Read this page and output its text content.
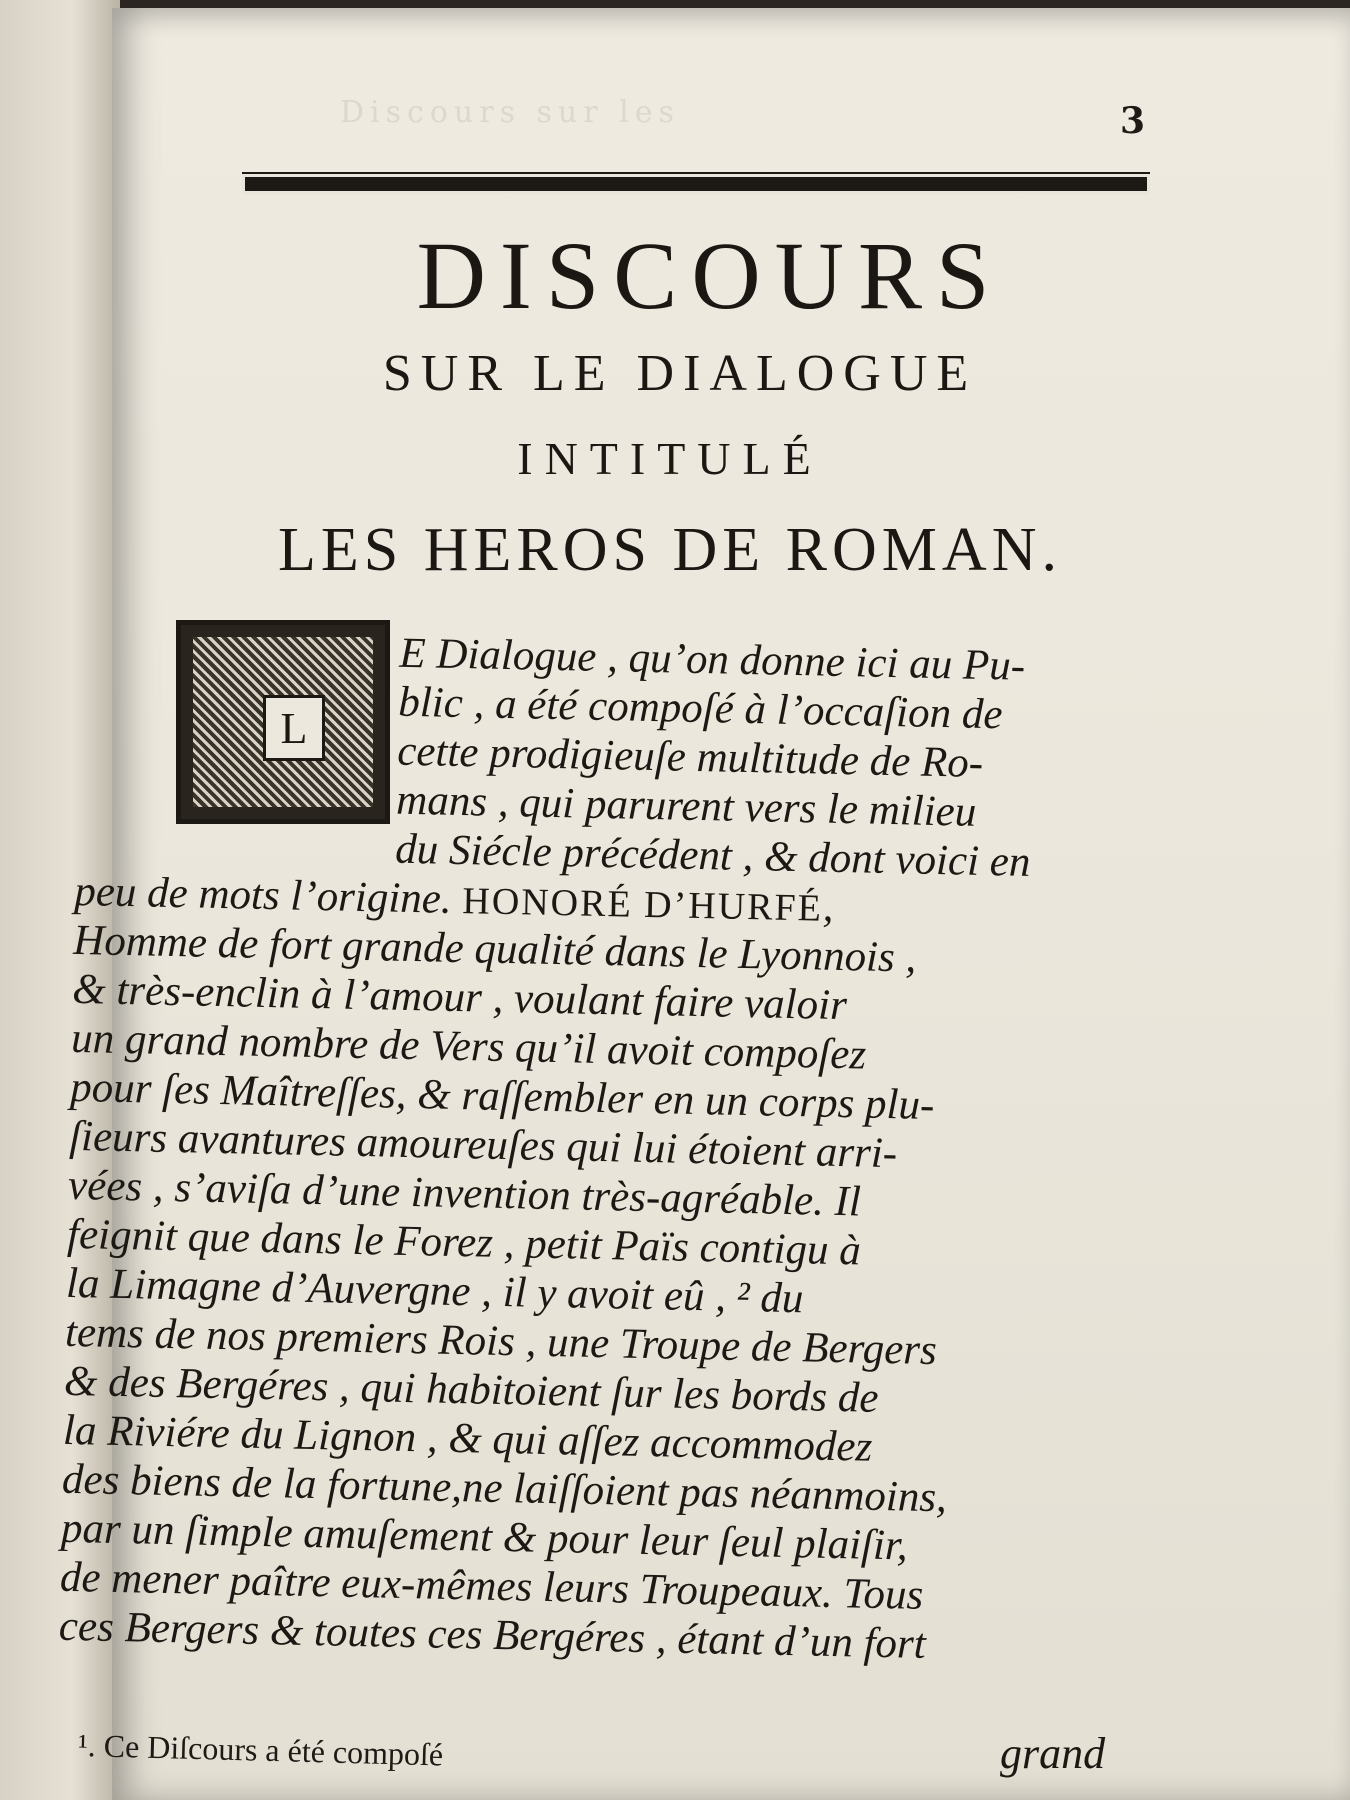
Discours sur les	3
DISCOURS
SUR LE DIALOGUE
INTITULÉ
LES HEROS DE ROMAN.
L
E Dialogue , qu’on donne ici au Pu-
blic , a été compoſé à l’occaſion de
cette prodigieuſe multitude de Ro-
mans , qui parurent vers le milieu
du Siécle précédent , & dont voici en
peu de mots l’origine. HONORÉ D’HURFÉ,
Homme de fort grande qualité dans le Lyonnois ,
& très-enclin à l’amour , voulant faire valoir
un grand nombre de Vers qu’il avoit compoſez
pour ſes Maîtreſſes, & raſſembler en un corps plu-
ſieurs avantures amoureuſes qui lui étoient arri-
vées , s’aviſa d’une invention très-agréable. Il
feignit que dans le Forez , petit Païs contigu à
la Limagne d’Auvergne , il y avoit eû , ² du
tems de nos premiers Rois , une Troupe de Bergers
& des Bergéres , qui habitoient ſur les bords de
la Riviére du Lignon , & qui aſſez accommodez
des biens de la fortune,ne laiſſoient pas néanmoins,
par un ſimple amuſement & pour leur ſeul plaiſir,
de mener paître eux-mêmes leurs Troupeaux. Tous
ces Bergers & toutes ces Bergéres , étant d’un fort
grand
¹. Ce Diſcours a été compoſé
